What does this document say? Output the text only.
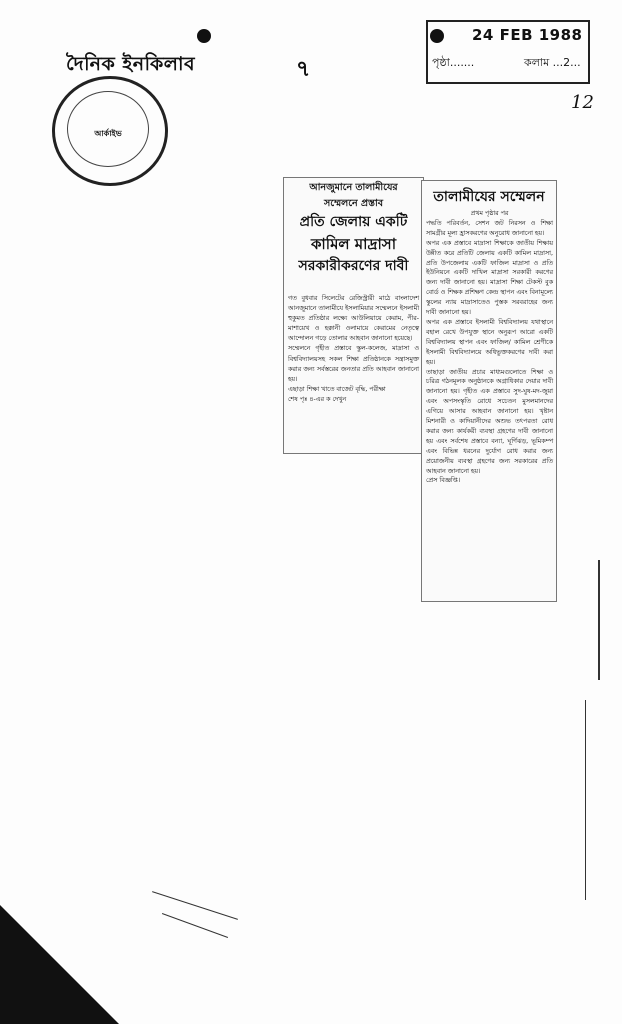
দৈনিক ইনকিলাব	৭
আর্কাইভ
24 FEB 1988
পৃষ্ঠা.......	কলাম ...2...
12
আনজুমানে তালামীযের
সম্মেলনে প্রস্তাব
প্রতি জেলায় একটি
কামিল মাদ্রাসা
সরকারীকরণের দাবী

গত বুধবার সিলেটের রেজিস্ট্রারী মাঠে বাংলাদেশ আনজুমানে তালামীযে ইসলামিয়ার সম্মেলনে ইসলামী হুকুমত প্রতিষ্ঠার লক্ষ্যে আউলিয়ায়ে কেরাম, পীর-মাশায়েখ ও হক্কানী ওলামায়ে কেরামের নেতৃত্বে আন্দোলন গড়ে তোলার আহবান জানানো হয়েছে।

সম্মেলনে গৃহীত প্রস্তাবে স্কুল-কলেজ, মাদ্রাসা ও বিশ্ববিদ্যালয়সহ সকল শিক্ষা প্রতিষ্ঠানকে সন্ত্রাসমুক্ত করার জন্য সর্বস্তরের জনতার প্রতি আহবান জানানো হয়।

এছাড়া শিক্ষা খাতে বাজেট বৃদ্ধি, পরীক্ষা

শেষ পৃঃ ৪-এর ক দেখুন

তালামীযের সম্মেলন

প্রথম পৃষ্ঠার পর

পদ্ধতি পরিবর্তন, সেশন জট নিরসন ও শিক্ষা সামগ্রীর মূল্য হ্রাসকরণের অনুরোধ জানানো হয়।

অপর এক প্রস্তাবে মাদ্রাসা শিক্ষাকে জাতীয় শিক্ষায় উন্নীত করে প্রতিটি জেলায় একটি কামিল মাদ্রাসা, প্রতি উপজেলায় একটি ফাজিল মাদ্রাসা ও প্রতি ইউনিয়নে একটি দাখিল মাদ্রাসা সরকারী করণের জন্য দাবী জানানো হয়। মাদ্রাসা শিক্ষা টেকস্ট বুক বোর্ড ও শিক্ষক প্রশিক্ষণ কেন্দ্র স্থাপন এবং বিনামূল্যে স্কুলের ন্যায় মাদ্রাসাতেও পুস্তক সরবরাহের জন্য দাবী জানানো হয়।

অপর এক প্রস্তাবে ইসলামী বিশ্ববিদ্যালয় যথাস্থানে বহাল রেখে উপযুক্ত স্থানে অনুরূপ আরো একটি বিশ্ববিদ্যালয় স্থাপন এবং ফাজিল/ কামিল শ্রেণীকে ইসলামী বিশ্ববিদ্যালয়ে অধিভুক্তকরণের দাবী করা হয়।

তাছাড়া জাতীয় প্রচার মাধ্যমগুলোতে শিক্ষা ও চরিত্র গঠনমূলক অনুষ্ঠানকে অগ্রাধিকার দেয়ার দাবী জানানো হয়। গৃহীত এক প্রস্তাবে সুদ-ঘুষ-মদ-জুয়া এবং অপসংস্কৃতি রোধে সচেতন মুসলমানদের এগিয়ে আসার আহবান জানানো হয়। খৃষ্টান মিশনারী ও কাদিয়ানীদের অশুভ তৎপরতা রোধ করার জন্য কার্যকরী ব্যবস্থা গ্রহণের দাবী জানানো হয় এবং সর্বশেষ প্রস্তাবে বন্যা, ঘূর্ণিঝড়, ভূমিকম্প এবং বিভিন্ন ধরনের দুর্যোগ রোধ করার জন্য প্রয়োজনীয় ব্যবস্থা গ্রহণের জন্য সরকারের প্রতি আহবান জানানো হয়।

প্রেস বিজ্ঞপ্তি।
